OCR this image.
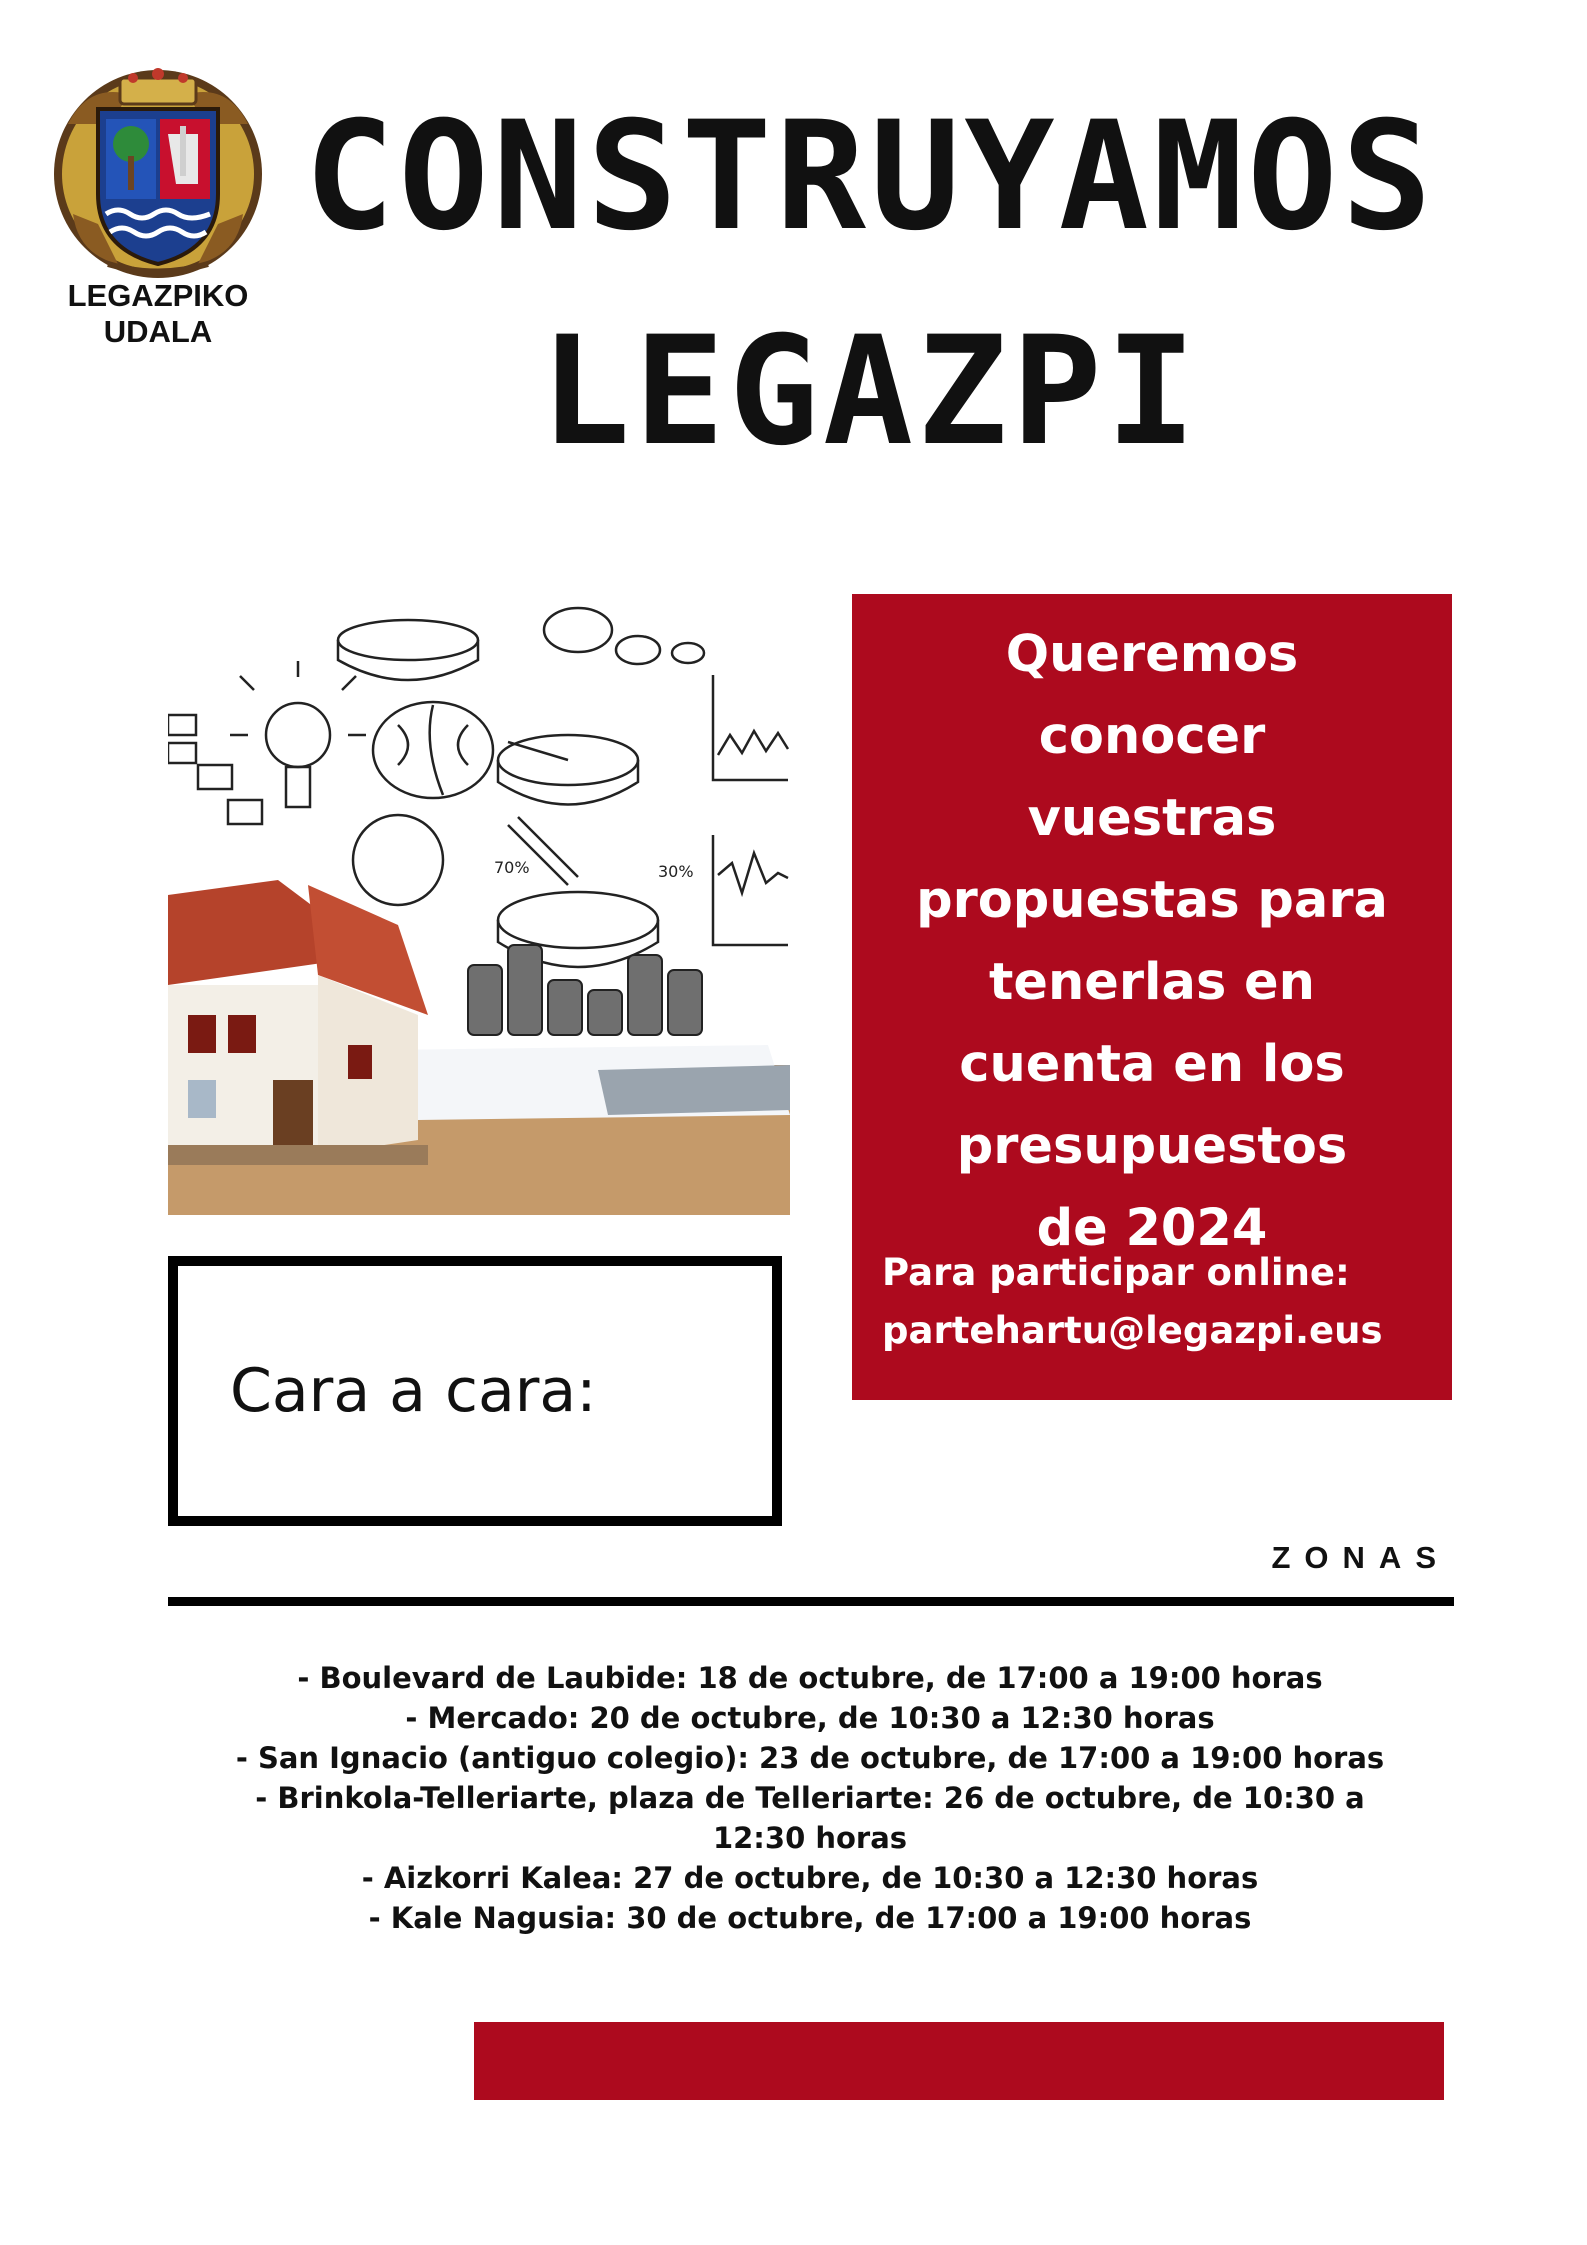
LEGAZPIKO
UDALA
CONSTRUYAMOS
LEGAZPI
70%	30%
Queremos
conocer
vuestras
propuestas para
tenerlas en
cuenta en los
presupuestos
de 2024
Para participar online:
partehartu@legazpi.eus
Cara a cara:
ZONAS
- Boulevard de Laubide: 18 de octubre, de 17:00 a 19:00 horas
- Mercado: 20 de octubre, de 10:30 a 12:30 horas
- San Ignacio (antiguo colegio): 23 de octubre, de 17:00 a 19:00 horas
- Brinkola-Telleriarte, plaza de Telleriarte: 26 de octubre, de 10:30 a
12:30 horas
- Aizkorri Kalea: 27 de octubre, de 10:30 a 12:30 horas
- Kale Nagusia: 30 de octubre, de 17:00 a 19:00 horas
